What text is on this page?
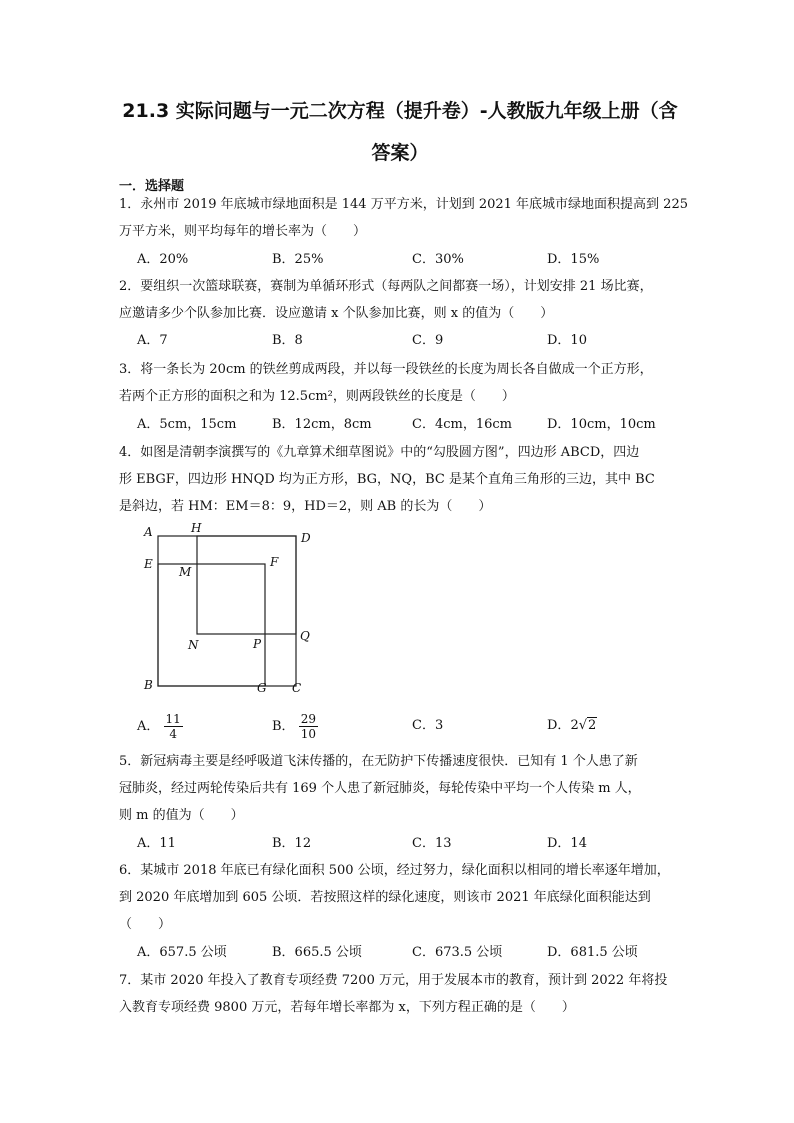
21.3 实际问题与一元二次方程（提升卷）-人教版九年级上册（含
答案）
一．选择题
1．永州市 2019 年底城市绿地面积是 144 万平方米，计划到 2021 年底城市绿地面积提高到 225
万平方米，则平均每年的增长率为（　　）
A．20%	B．25%	C．30%	D．15%
2．要组织一次篮球联赛，赛制为单循环形式（每两队之间都赛一场），计划安排 21 场比赛，
应邀请多少个队参加比赛．设应邀请 x 个队参加比赛，则 x 的值为（　　）
A．7	B．8	C．9	D．10
3．将一条长为 20cm 的铁丝剪成两段，并以每一段铁丝的长度为周长各自做成一个正方形，
若两个正方形的面积之和为 12.5cm²，则两段铁丝的长度是（　　）
A．5cm，15cm	B．12cm，8cm	C．4cm，16cm	D．10cm，10cm
4．如图是清朝李演撰写的《九章算术细草图说》中的“勾股圆方图”，四边形 ABCD，四边
形 EBGF，四边形 HNQD 均为正方形，BG，NQ，BC 是某个直角三角形的三边，其中 BC
是斜边，若 HM：EM＝8：9，HD＝2，则 AB 的长为（　　）
A	H
D
E
M
F
N	P
Q
B	G C
A． $\frac{11}{4}$	B． $\frac{29}{10}$	C．3	D．2√2
5．新冠病毒主要是经呼吸道飞沫传播的，在无防护下传播速度很快．已知有 1 个人患了新
冠肺炎，经过两轮传染后共有 169 个人患了新冠肺炎，每轮传染中平均一个人传染 m 人，
则 m 的值为（　　）
A．11	B．12	C．13	D．14
6．某城市 2018 年底已有绿化面积 500 公顷，经过努力，绿化面积以相同的增长率逐年增加，
到 2020 年底增加到 605 公顷．若按照这样的绿化速度，则该市 2021 年底绿化面积能达到
（　　）
A．657.5 公顷	B．665.5 公顷	C．673.5 公顷	D．681.5 公顷
7．某市 2020 年投入了教育专项经费 7200 万元，用于发展本市的教育，预计到 2022 年将投
入教育专项经费 9800 万元，若每年增长率都为 x，下列方程正确的是（　　）
